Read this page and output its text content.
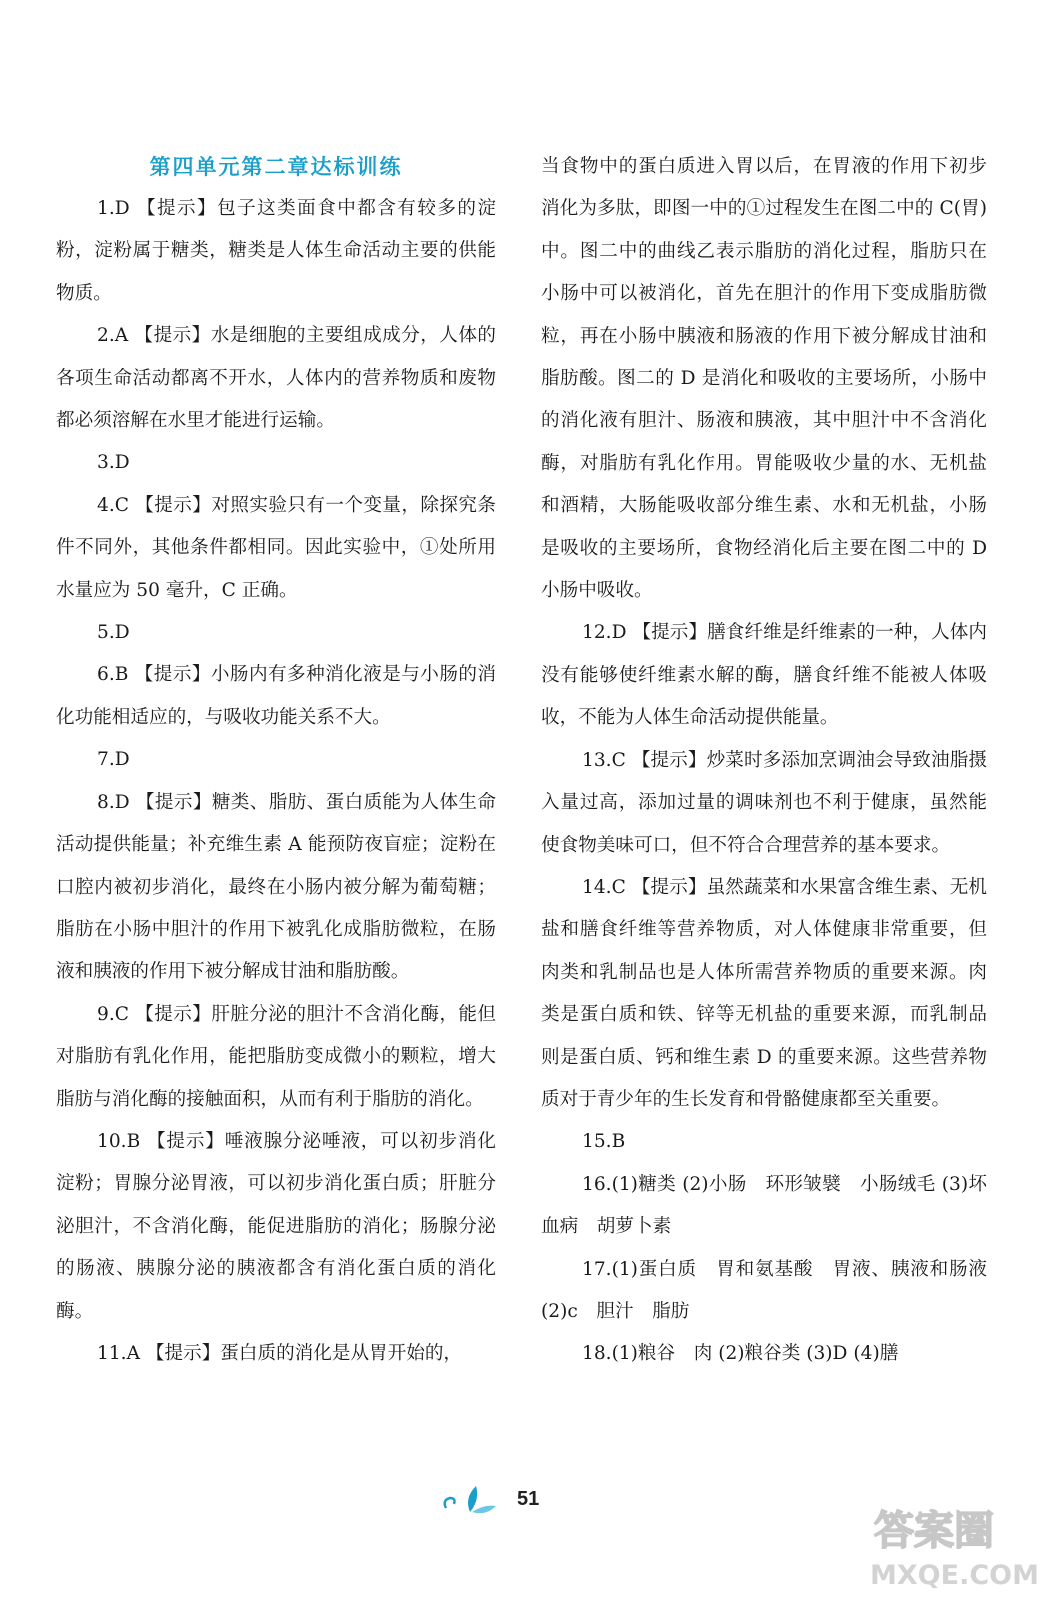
第四单元第二章达标训练

1.D 【提示】包子这类面食中都含有较多的淀粉，淀粉属于糖类，糖类是人体生命活动主要的供能物质。

2.A 【提示】水是细胞的主要组成成分，人体的各项生命活动都离不开水，人体内的营养物质和废物都必须溶解在水里才能进行运输。

3.D

4.C 【提示】对照实验只有一个变量，除探究条件不同外，其他条件都相同。因此实验中，①处所用水量应为 50 毫升，C 正确。

5.D

6.B 【提示】小肠内有多种消化液是与小肠的消化功能相适应的，与吸收功能关系不大。

7.D

8.D 【提示】糖类、脂肪、蛋白质能为人体生命活动提供能量；补充维生素 A 能预防夜盲症；淀粉在口腔内被初步消化，最终在小肠内被分解为葡萄糖；脂肪在小肠中胆汁的作用下被乳化成脂肪微粒，在肠液和胰液的作用下被分解成甘油和脂肪酸。

9.C 【提示】肝脏分泌的胆汁不含消化酶，能但对脂肪有乳化作用，能把脂肪变成微小的颗粒，增大脂肪与消化酶的接触面积，从而有利于脂肪的消化。

10.B 【提示】唾液腺分泌唾液，可以初步消化淀粉；胃腺分泌胃液，可以初步消化蛋白质；肝脏分泌胆汁，不含消化酶，能促进脂肪的消化；肠腺分泌的肠液、胰腺分泌的胰液都含有消化蛋白质的消化酶。

11.A 【提示】蛋白质的消化是从胃开始的，

当食物中的蛋白质进入胃以后，在胃液的作用下初步消化为多肽，即图一中的①过程发生在图二中的 C(胃)中。图二中的曲线乙表示脂肪的消化过程，脂肪只在小肠中可以被消化，首先在胆汁的作用下变成脂肪微粒，再在小肠中胰液和肠液的作用下被分解成甘油和脂肪酸。图二的 D 是消化和吸收的主要场所，小肠中的消化液有胆汁、肠液和胰液，其中胆汁中不含消化酶，对脂肪有乳化作用。胃能吸收少量的水、无机盐和酒精，大肠能吸收部分维生素、水和无机盐，小肠是吸收的主要场所，食物经消化后主要在图二中的 D 小肠中吸收。

12.D 【提示】膳食纤维是纤维素的一种，人体内没有能够使纤维素水解的酶，膳食纤维不能被人体吸收，不能为人体生命活动提供能量。

13.C 【提示】炒菜时多添加烹调油会导致油脂摄入量过高，添加过量的调味剂也不利于健康，虽然能使食物美味可口，但不符合合理营养的基本要求。

14.C 【提示】虽然蔬菜和水果富含维生素、无机盐和膳食纤维等营养物质，对人体健康非常重要，但肉类和乳制品也是人体所需营养物质的重要来源。肉类是蛋白质和铁、锌等无机盐的重要来源，而乳制品则是蛋白质、钙和维生素 D 的重要来源。这些营养物质对于青少年的生长发育和骨骼健康都至关重要。

15.B

16.(1)糖类 (2)小肠　环形皱襞　小肠绒毛 (3)坏血病　胡萝卜素

17.(1)蛋白质　胃和氨基酸　胃液、胰液和肠液 (2)c　胆汁　脂肪

18.(1)粮谷　肉 (2)粮谷类 (3)D (4)膳

51
答案圈
MXQE.COM
